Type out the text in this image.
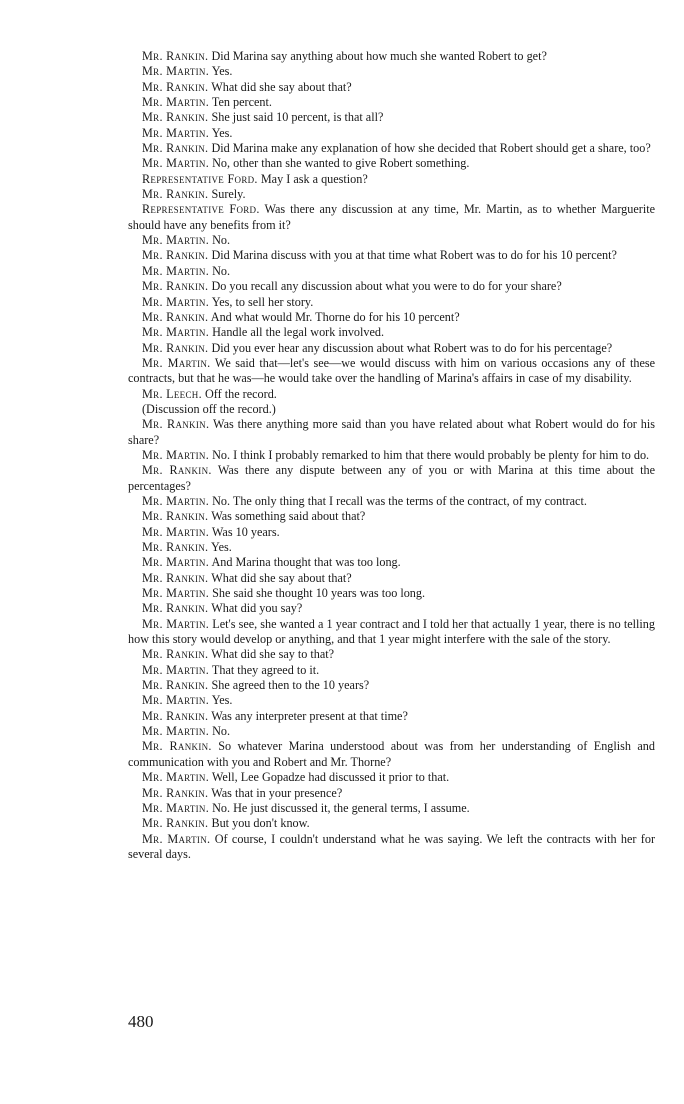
Mr. Rankin. Did Marina say anything about how much she wanted Robert to get?

Mr. Martin. Yes.

Mr. Rankin. What did she say about that?

Mr. Martin. Ten percent.

Mr. Rankin. She just said 10 percent, is that all?

Mr. Martin. Yes.

Mr. Rankin. Did Marina make any explanation of how she decided that Robert should get a share, too?

Mr. Martin. No, other than she wanted to give Robert something.

Representative Ford. May I ask a question?

Mr. Rankin. Surely.

Representative Ford. Was there any discussion at any time, Mr. Martin, as to whether Marguerite should have any benefits from it?

Mr. Martin. No.

Mr. Rankin. Did Marina discuss with you at that time what Robert was to do for his 10 percent?

Mr. Martin. No.

Mr. Rankin. Do you recall any discussion about what you were to do for your share?

Mr. Martin. Yes, to sell her story.

Mr. Rankin. And what would Mr. Thorne do for his 10 percent?

Mr. Martin. Handle all the legal work involved.

Mr. Rankin. Did you ever hear any discussion about what Robert was to do for his percentage?

Mr. Martin. We said that—let's see—we would discuss with him on various occasions any of these contracts, but that he was—he would take over the handling of Marina's affairs in case of my disability.

Mr. Leech. Off the record.

(Discussion off the record.)

Mr. Rankin. Was there anything more said than you have related about what Robert would do for his share?

Mr. Martin. No. I think I probably remarked to him that there would probably be plenty for him to do.

Mr. Rankin. Was there any dispute between any of you or with Marina at this time about the percentages?

Mr. Martin. No. The only thing that I recall was the terms of the contract, of my contract.

Mr. Rankin. Was something said about that?

Mr. Martin. Was 10 years.

Mr. Rankin. Yes.

Mr. Martin. And Marina thought that was too long.

Mr. Rankin. What did she say about that?

Mr. Martin. She said she thought 10 years was too long.

Mr. Rankin. What did you say?

Mr. Martin. Let's see, she wanted a 1 year contract and I told her that actually 1 year, there is no telling how this story would develop or anything, and that 1 year might interfere with the sale of the story.

Mr. Rankin. What did she say to that?

Mr. Martin. That they agreed to it.

Mr. Rankin. She agreed then to the 10 years?

Mr. Martin. Yes.

Mr. Rankin. Was any interpreter present at that time?

Mr. Martin. No.

Mr. Rankin. So whatever Marina understood about was from her understanding of English and communication with you and Robert and Mr. Thorne?

Mr. Martin. Well, Lee Gopadze had discussed it prior to that.

Mr. Rankin. Was that in your presence?

Mr. Martin. No. He just discussed it, the general terms, I assume.

Mr. Rankin. But you don't know.

Mr. Martin. Of course, I couldn't understand what he was saying. We left the contracts with her for several days.

480
